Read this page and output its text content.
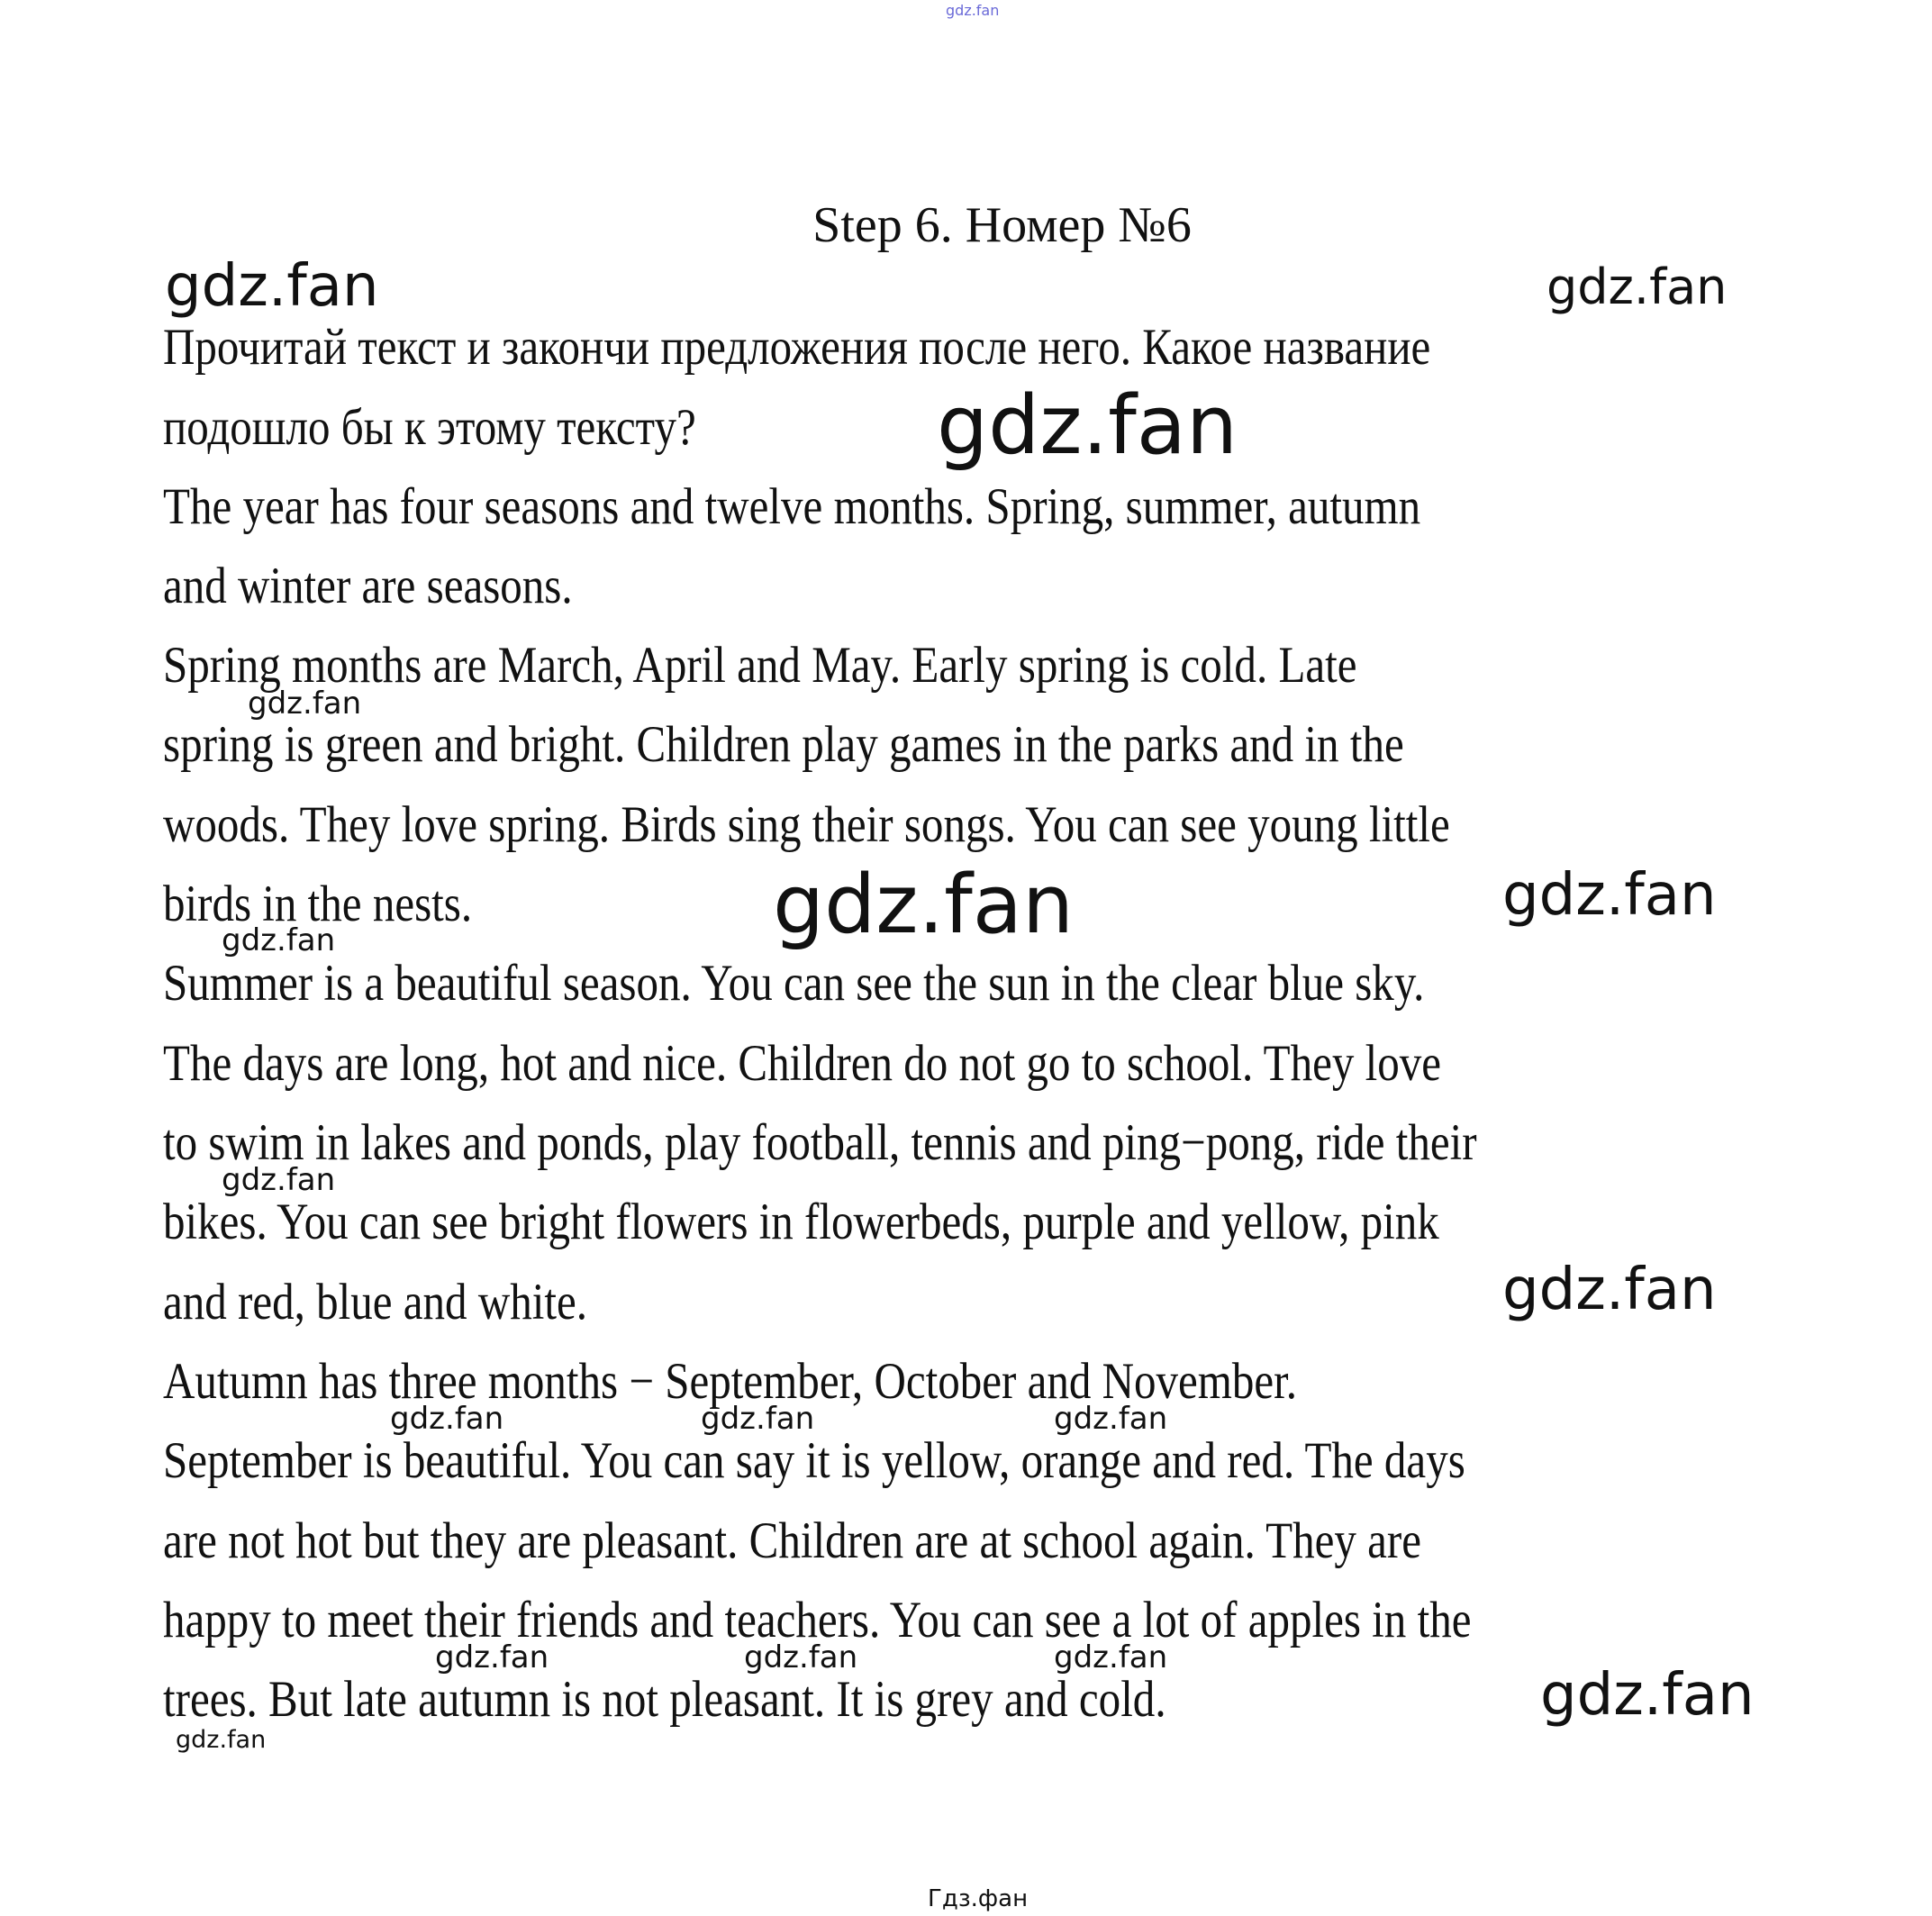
gdz.fan
Step 6. Номер №6
Прочитай текст и закончи предложения после него. Какое название
подошло бы к этому тексту?
The year has four seasons and twelve months. Spring, summer, autumn
and winter are seasons.
Spring months are March, April and May. Early spring is cold. Late
spring is green and bright. Children play games in the parks and in the
woods. They love spring. Birds sing their songs. You can see young little
birds in the nests.
Summer is a beautiful season. You can see the sun in the clear blue sky.
The days are long, hot and nice. Children do not go to school. They love
to swim in lakes and ponds, play football, tennis and ping−pong, ride their
bikes. You can see bright flowers in flowerbeds, purple and yellow, pink
and red, blue and white.
Autumn has three months − September, October and November.
September is beautiful. You can say it is yellow, orange and red. The days
are not hot but they are pleasant. Children are at school again. They are
happy to meet their friends and teachers. You can see a lot of apples in the
trees. But late autumn is not pleasant. It is grey and cold.
gdz.fan	gdz.fan
gdz.fan
gdz.fan
gdz.fan	gdz.fan
gdz.fan
gdz.fan
gdz.fan
gdz.fan	gdz.fan	gdz.fan
gdz.fan	gdz.fan	gdz.fan
gdz.fan
gdz.fan
Гдз.фан
